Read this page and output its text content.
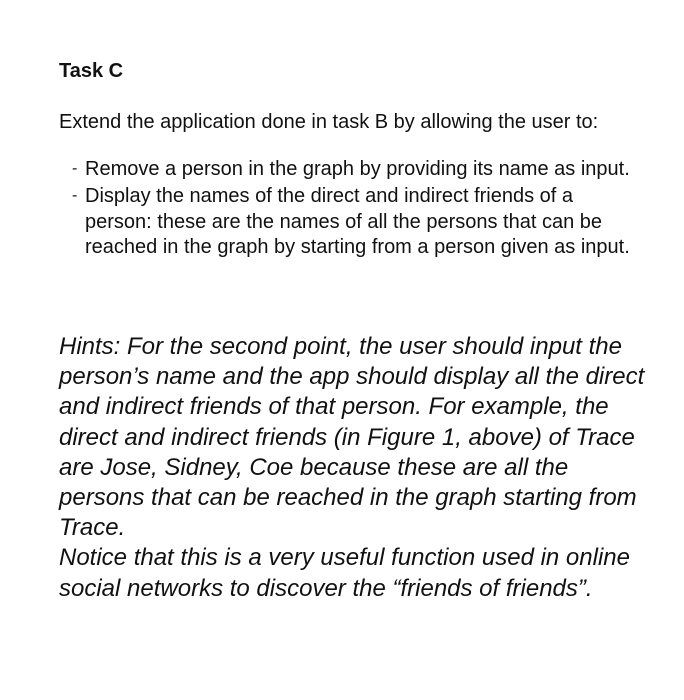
Task C

Extend the application done in task B by allowing the user to:

- Remove a person in the graph by providing its name as input.
- Display the names of the direct and indirect friends of a person: these are the names of all the persons that can be reached in the graph by starting from a person given as input.

Hints: For the second point, the user should input the person’s name and the app should display all the direct and indirect friends of that person. For example, the direct and indirect friends (in Figure 1, above) of Trace are Jose, Sidney, Coe because these are all the persons that can be reached in the graph starting from Trace.

Notice that this is a very useful function used in online social networks to discover the “friends of friends”.
